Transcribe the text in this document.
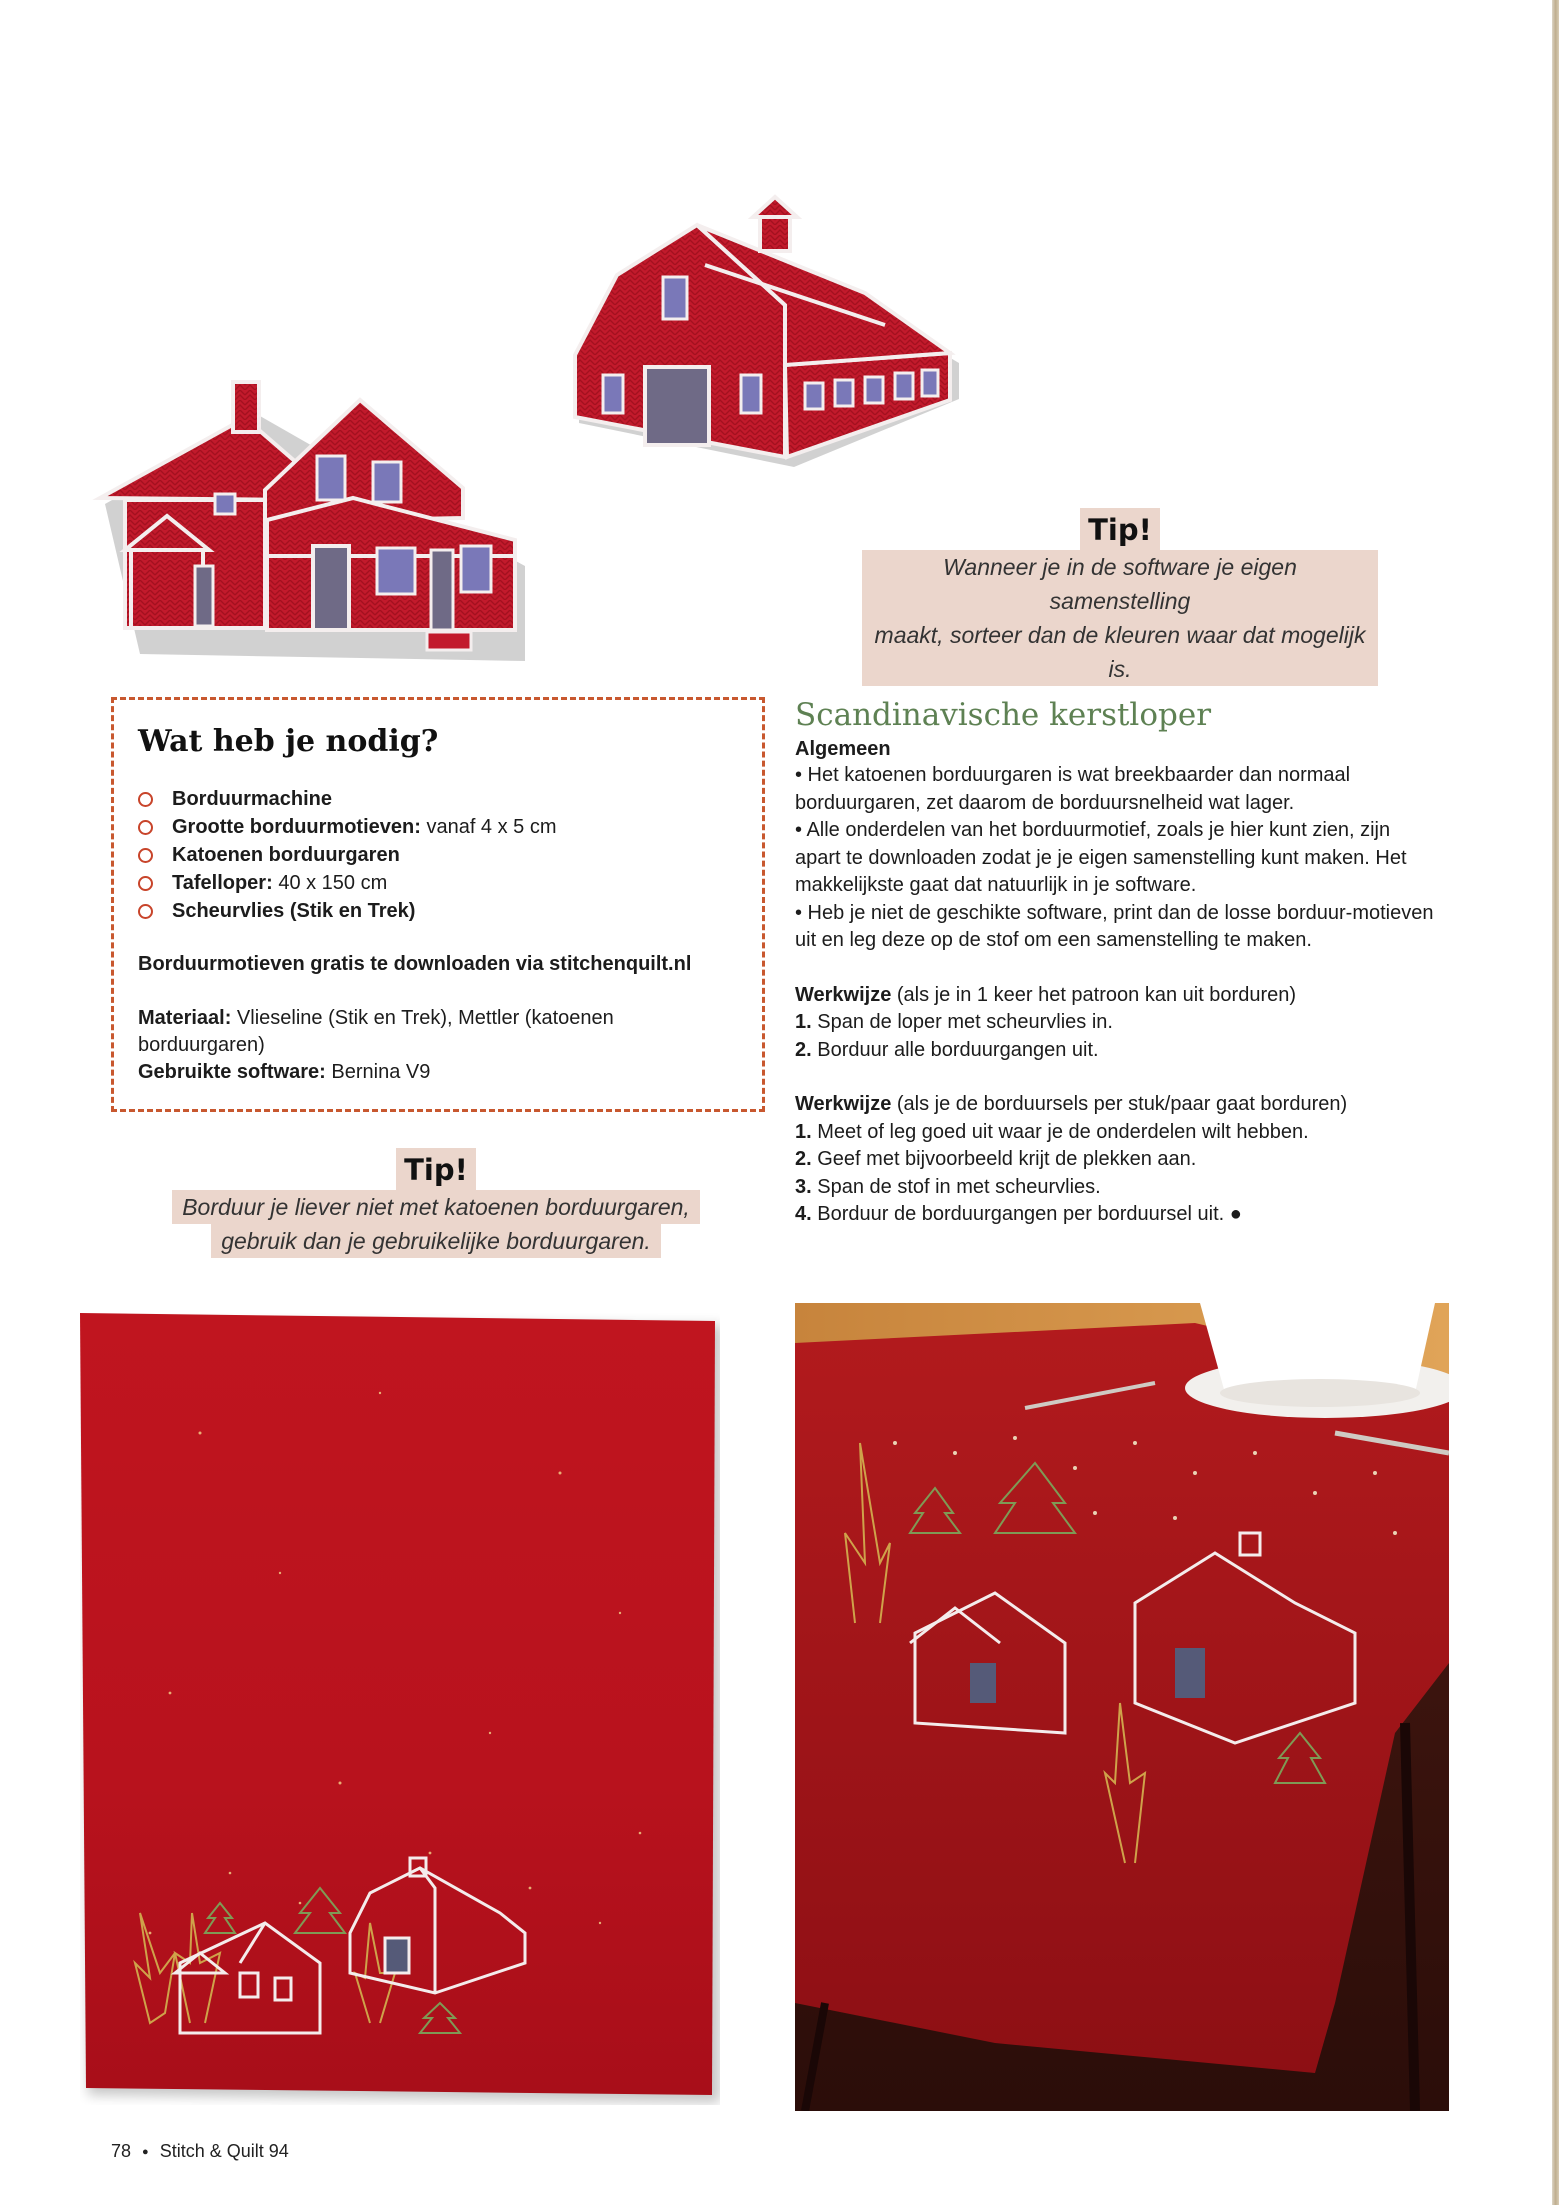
Tip!
Wanneer je in de software je eigen samenstelling
maakt, sorteer dan de kleuren waar dat mogelijk is.
Wat heb je nodig?
Borduurmachine
Grootte borduurmotieven: vanaf 4 x 5 cm
Katoenen borduurgaren
Tafelloper: 40 x 150 cm
Scheurvlies (Stik en Trek)

Borduurmotieven gratis te downloaden via stitchenquilt.nl

Materiaal: Vlieseline (Stik en Trek), Mettler (katoenen borduurgaren)

Gebruikte software: Bernina V9

Tip!
Borduur je liever niet met katoenen borduurgaren,
gebruik dan je gebruikelijke borduurgaren.
Scandinavische kerstloper
Algemeen

• Het katoenen borduurgaren is wat breekbaarder dan normaal borduurgaren, zet daarom de borduursnelheid wat lager.

• Alle onderdelen van het borduurmotief, zoals je hier kunt zien, zijn apart te downloaden zodat je je eigen samenstelling kunt maken. Het makkelijkste gaat dat natuurlijk in je software.

• Heb je niet de geschikte software, print dan de losse borduur-motieven uit en leg deze op de stof om een samenstelling te maken.

Werkwijze (als je in 1 keer het patroon kan uit borduren)

1. Span de loper met scheurvlies in.

2. Borduur alle borduurgangen uit.

Werkwijze (als je de borduursels per stuk/paar gaat borduren)

1. Meet of leg goed uit waar je de onderdelen wilt hebben.

2. Geef met bijvoorbeeld krijt de plekken aan.

3. Span de stof in met scheurvlies.

4. Borduur de borduurgangen per borduursel uit. ●

78 ● Stitch & Quilt 94
